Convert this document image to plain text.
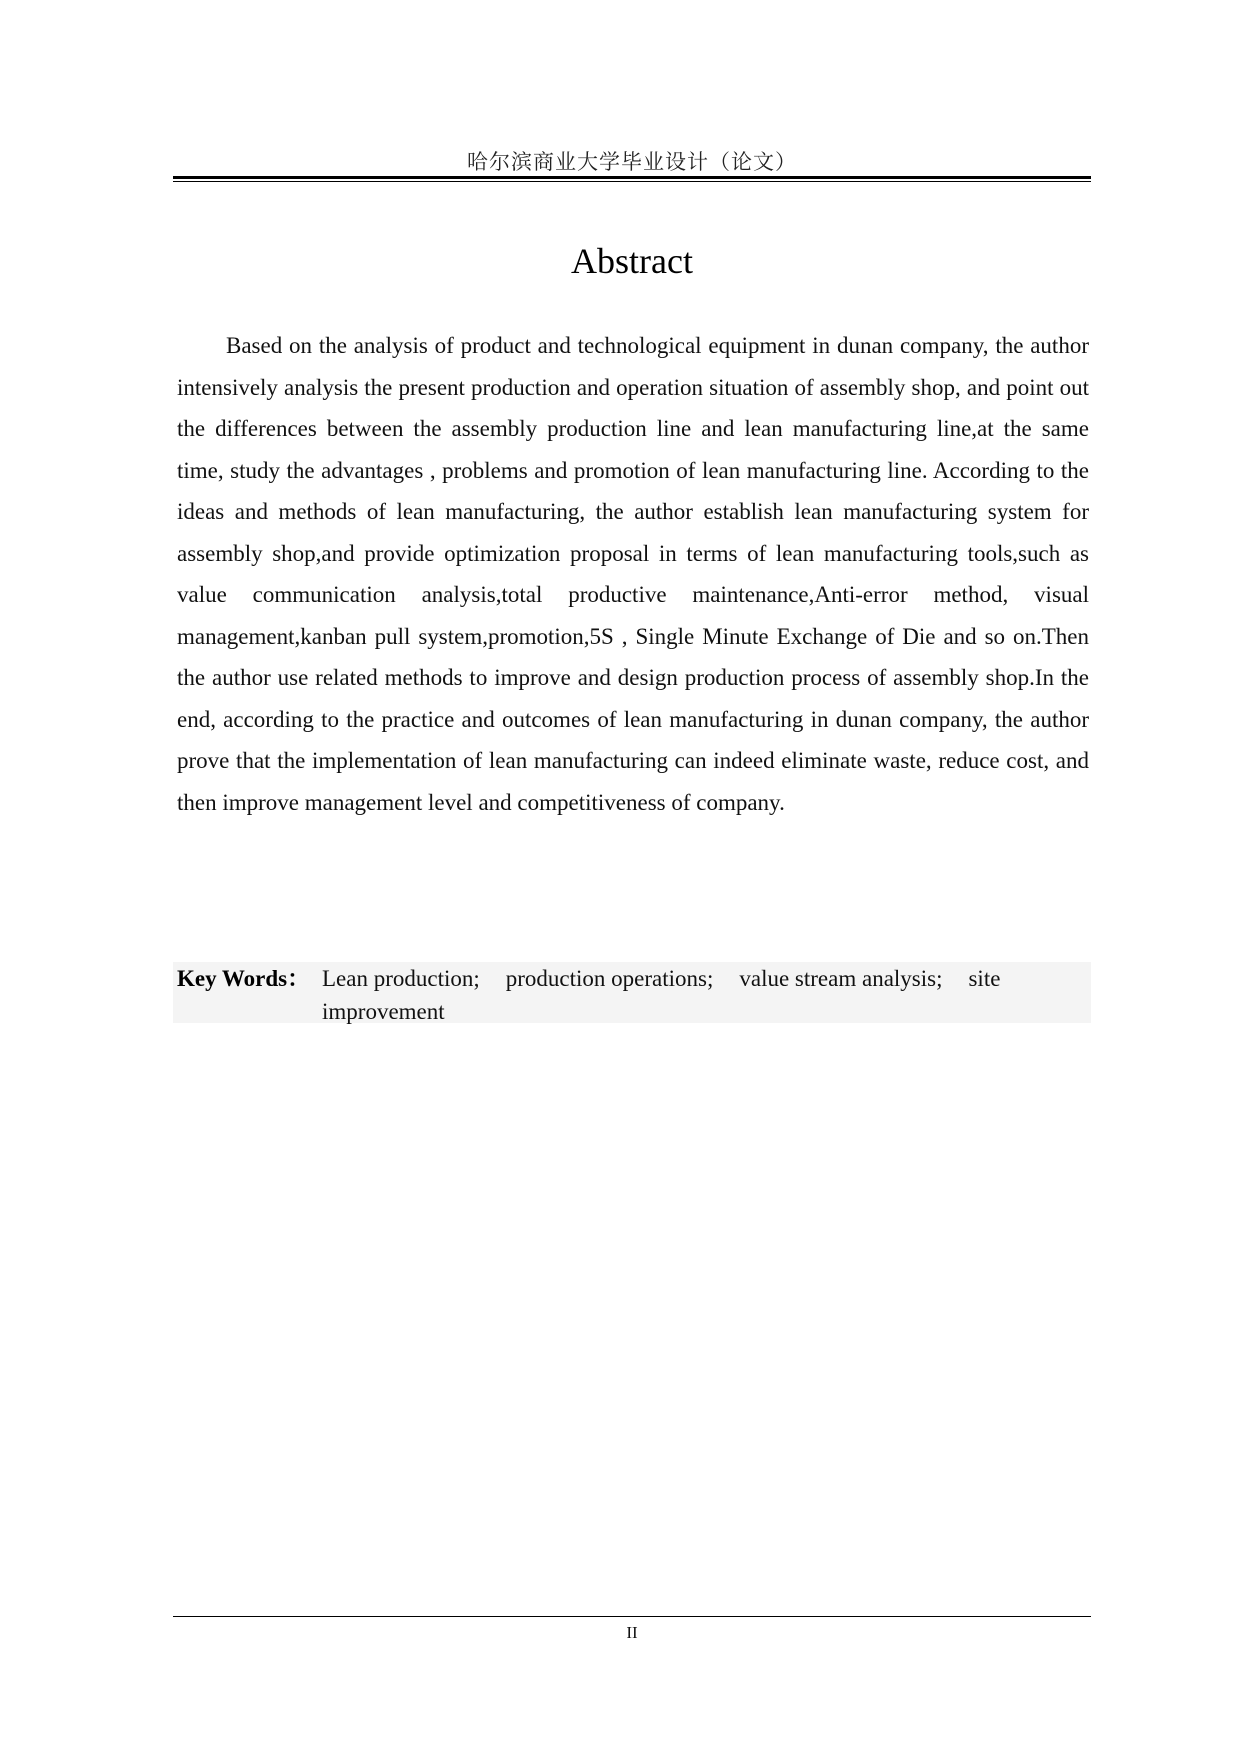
哈尔滨商业大学毕业设计（论文）
Abstract

Based on the analysis of product and technological equipment in dunan company, the author intensively analysis the present production and operation situation of assembly shop, and point out the differences between the assembly production line and lean manufacturing line,at the same time, study the advantages , problems and promotion of lean manufacturing line. According to the ideas and methods of lean manufacturing, the author establish lean manufacturing system for assembly shop,and provide optimization proposal in terms of lean manufacturing tools,such as value communication analysis,total productive maintenance,Anti-error method, visual management,kanban pull system,promotion,5S , Single Minute Exchange of Die and so on.Then the author use related methods to improve and design production process of assembly shop.In the end, according to the practice and outcomes of lean manufacturing in dunan company, the author prove that the implementation of lean manufacturing can indeed eliminate waste, reduce cost, and then improve management level and competitiveness of company.

Key Words： Lean production; production operations; value stream analysis; site improvement
II
